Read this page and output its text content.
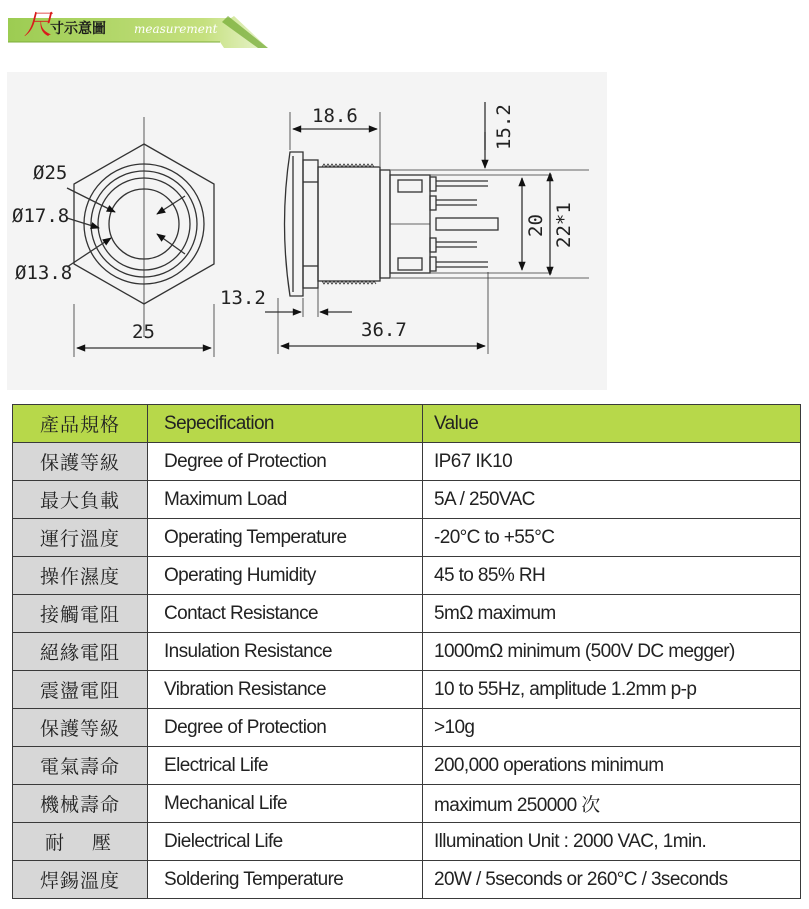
尺
寸示意圖 measurement
Ø25
Ø17.8
Ø13.8
25
18.6
13.2
36.7
15.2
20 22*1
產品規格	Sepecification	Value
保護等級	Degree of Protection	IP67 IK10
最大負載	Maximum Load	5A / 250VAC
運行溫度	Operating Temperature	-20°C to +55°C
操作濕度	Operating Humidity	45 to 85% RH
接觸電阻	Contact Resistance	5mΩ maximum
絕緣電阻	Insulation Resistance	1000mΩ minimum (500V DC megger)
震盪電阻	Vibration Resistance	10 to 55Hz, amplitude 1.2mm p-p
保護等級	Degree of Protection	>10g
電氣壽命	Electrical Life	200,000 operations minimum
機械壽命	Mechanical Life	maximum 250000 次
耐壓	Dielectrical Life	Illumination Unit : 2000 VAC, 1min.
焊錫溫度	Soldering Temperature	20W / 5seconds or 260°C / 3seconds
